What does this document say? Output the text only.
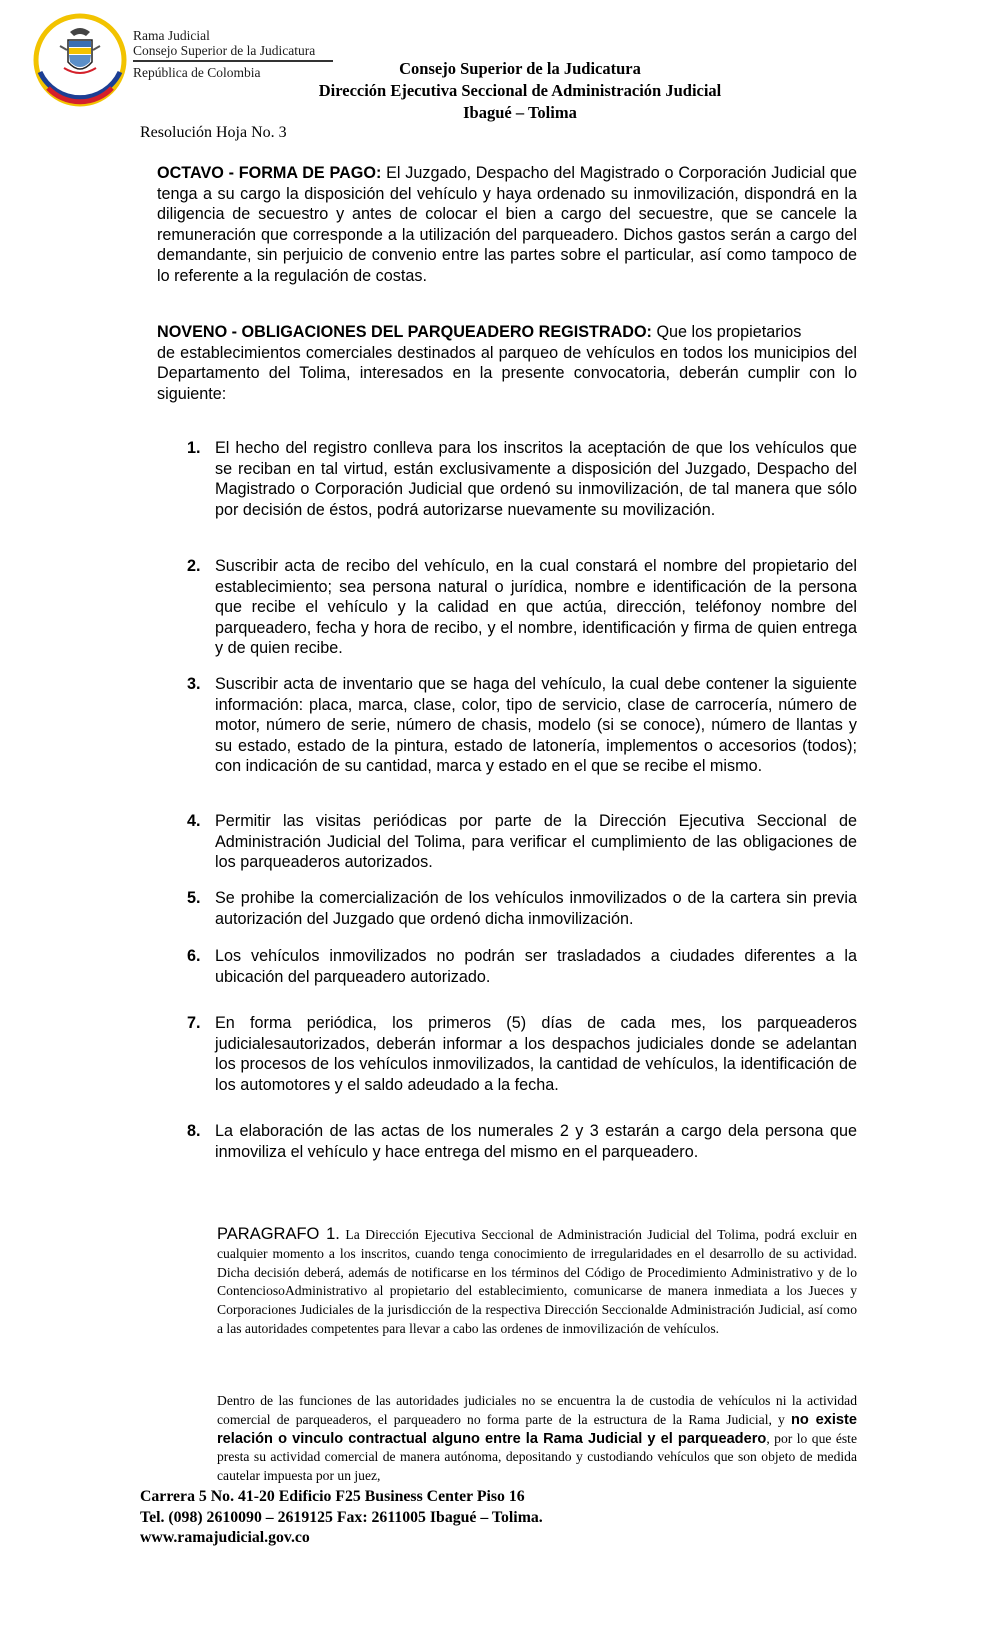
Rama Judicial
Consejo Superior de la Judicatura
República de Colombia	Consejo Superior de la Judicatura
Dirección Ejecutiva Seccional de Administración Judicial
Ibagué – Tolima
Resolución Hoja No. 3
OCTAVO - FORMA DE PAGO: El Juzgado, Despacho del Magistrado o Corporación Judicial que tenga a su cargo la disposición del vehículo y haya ordenado su inmovilización, dispondrá en la diligencia de secuestro y antes de colocar el bien a cargo del secuestre, que se cancele la remuneración que corresponde a la utilización del parqueadero. Dichos gastos serán a cargo del demandante, sin perjuicio de convenio entre las partes sobre el particular, así como tampoco de lo referente a la regulación de costas.
NOVENO - OBLIGACIONES DEL PARQUEADERO REGISTRADO: Que los propietarios
de establecimientos comerciales destinados al parqueo de vehículos en todos los municipios del Departamento del Tolima, interesados en la presente convocatoria, deberán cumplir con lo siguiente:
1. El hecho del registro conlleva para los inscritos la aceptación de que los vehículos que se reciban en tal virtud, están exclusivamente a disposición del Juzgado, Despacho del Magistrado o Corporación Judicial que ordenó su inmovilización, de tal manera que sólo por decisión de éstos, podrá autorizarse nuevamente su movilización.
2. Suscribir acta de recibo del vehículo, en la cual constará el nombre del propietario del establecimiento; sea persona natural o jurídica, nombre e identificación de la persona que recibe el vehículo y la calidad en que actúa, dirección, teléfonoy nombre del parqueadero, fecha y hora de recibo, y el nombre, identificación y firma de quien entrega y de quien recibe.
3. Suscribir acta de inventario que se haga del vehículo, la cual debe contener la siguiente información: placa, marca, clase, color, tipo de servicio, clase de carrocería, número de motor, número de serie, número de chasis, modelo (si se conoce), número de llantas y su estado, estado de la pintura, estado de latonería, implementos o accesorios (todos); con indicación de su cantidad, marca y estado en el que se recibe el mismo.
4. Permitir las visitas periódicas por parte de la Dirección Ejecutiva Seccional de Administración Judicial del Tolima, para verificar el cumplimiento de las obligaciones de los parqueaderos autorizados.
5. Se prohibe la comercialización de los vehículos inmovilizados o de la cartera sin previa autorización del Juzgado que ordenó dicha inmovilización.
6. Los vehículos inmovilizados no podrán ser trasladados a ciudades diferentes a la ubicación del parqueadero autorizado.
7. En forma periódica, los primeros (5) días de cada mes, los parqueaderos judicialesautorizados, deberán informar a los despachos judiciales donde se adelantan los procesos de los vehículos inmovilizados, la cantidad de vehículos, la identificación de los automotores y el saldo adeudado a la fecha.
8. La elaboración de las actas de los numerales 2 y 3 estarán a cargo dela persona que inmoviliza el vehículo y hace entrega del mismo en el parqueadero.
PARAGRAFO 1. La Dirección Ejecutiva Seccional de Administración Judicial del Tolima, podrá excluir en cualquier momento a los inscritos, cuando tenga conocimiento de irregularidades en el desarrollo de su actividad. Dicha decisión deberá, además de notificarse en los términos del Código de Procedimiento Administrativo y de lo ContenciosoAdministrativo al propietario del establecimiento, comunicarse de manera inmediata a los Jueces y Corporaciones Judiciales de la jurisdicción de la respectiva Dirección Seccionalde Administración Judicial, así como a las autoridades competentes para llevar a cabo las ordenes de inmovilización de vehículos.
Dentro de las funciones de las autoridades judiciales no se encuentra la de custodia de vehículos ni la actividad comercial de parqueaderos, el parqueadero no forma parte de la estructura de la Rama Judicial, y no existe relación o vinculo contractual alguno entre la Rama Judicial y el parqueadero, por lo que éste presta su actividad comercial de manera autónoma, depositando y custodiando vehículos que son objeto de medida cautelar impuesta por un juez,
Carrera 5 No. 41-20 Edificio F25 Business Center Piso 16
Tel. (098) 2610090 – 2619125 Fax: 2611005 Ibagué – Tolima.
www.ramajudicial.gov.co
